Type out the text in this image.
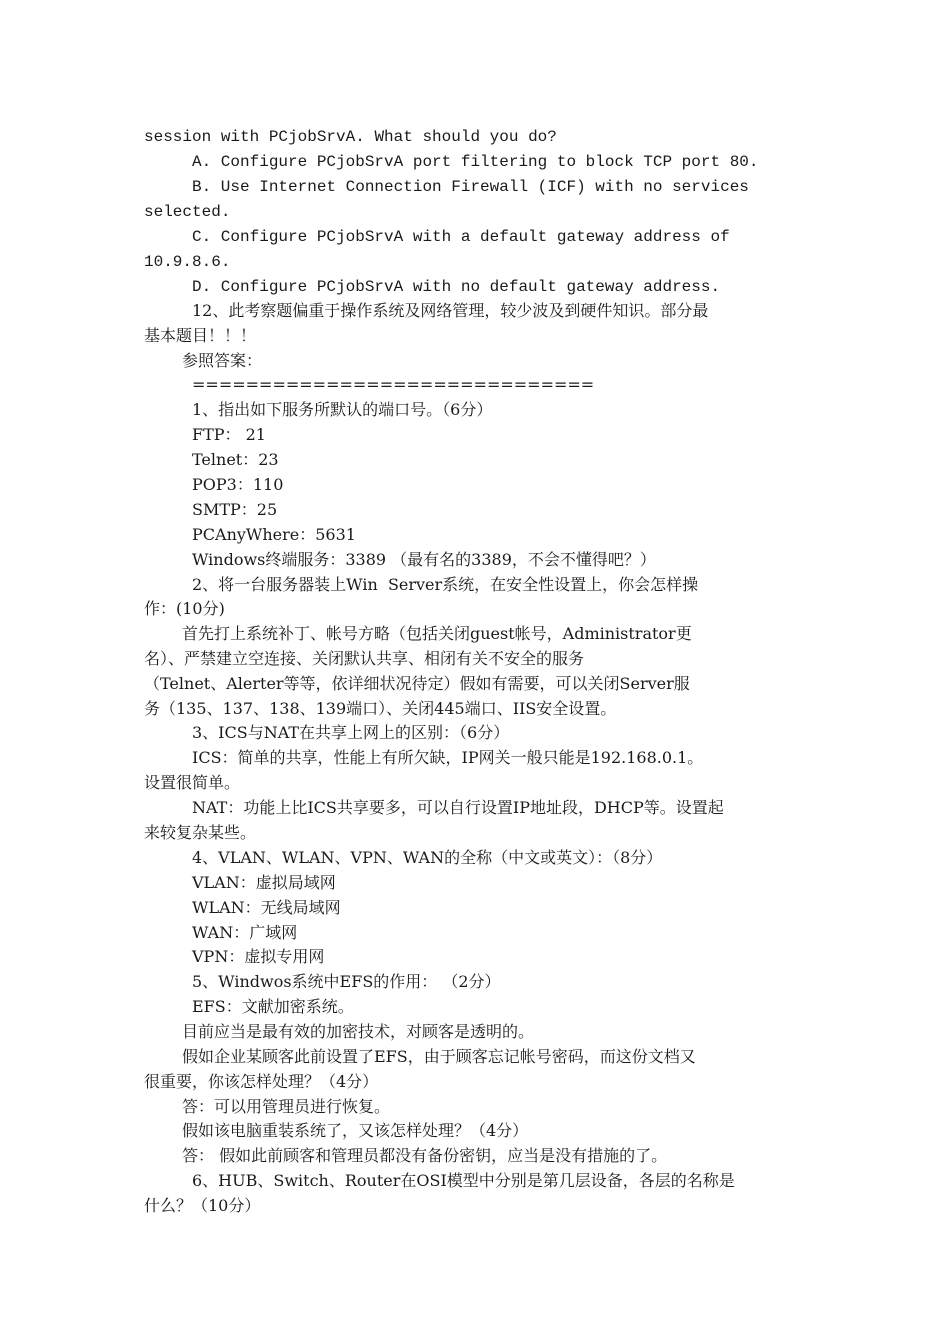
session with PCjobSrvA. What should you do?
A. Configure PCjobSrvA port filtering to block TCP port 80.
B. Use Internet Connection Firewall (ICF) with no services
selected.
C. Configure PCjobSrvA with a default gateway address of
10.9.8.6.
D. Configure PCjobSrvA with no default gateway address.
12、此考察题偏重于操作系统及网络管理，较少波及到硬件知识。部分最
基本题目！！！
参照答案：
==============================
1、指出如下服务所默认的端口号。（6分）
FTP： 21
Telnet：23
POP3：110
SMTP：25
PCAnyWhere：5631
Windows终端服务：3389 （最有名的3389，不会不懂得吧？）
2、将一台服务器装上Win  Server系统，在安全性设置上，你会怎样操
作：(10分)
首先打上系统补丁、帐号方略（包括关闭guest帐号，Administrator更
名）、严禁建立空连接、关闭默认共享、相闭有关不安全的服务
（Telnet、Alerter等等，依详细状况待定）假如有需要，可以关闭Server服
务（135、137、138、139端口）、关闭445端口、IIS安全设置。
3、ICS与NAT在共享上网上的区别：（6分）
ICS：简单的共享，性能上有所欠缺，IP网关一般只能是192.168.0.1。
设置很简单。
NAT：功能上比ICS共享要多，可以自行设置IP地址段，DHCP等。设置起
来较复杂某些。
4、VLAN、WLAN、VPN、WAN的全称（中文或英文）：（8分）
VLAN：虚拟局域网
WLAN：无线局域网
WAN：广域网
VPN：虚拟专用网
5、Windwos系统中EFS的作用： （2分）
EFS：文献加密系统。
目前应当是最有效的加密技术，对顾客是透明的。
假如企业某顾客此前设置了EFS，由于顾客忘记帐号密码，而这份文档又
很重要，你该怎样处理？（4分）
答：可以用管理员进行恢复。
假如该电脑重装系统了，又该怎样处理？（4分）
答： 假如此前顾客和管理员都没有备份密钥，应当是没有措施的了。
6、HUB、Switch、Router在OSI模型中分别是第几层设备，各层的名称是
什么？（10分）
